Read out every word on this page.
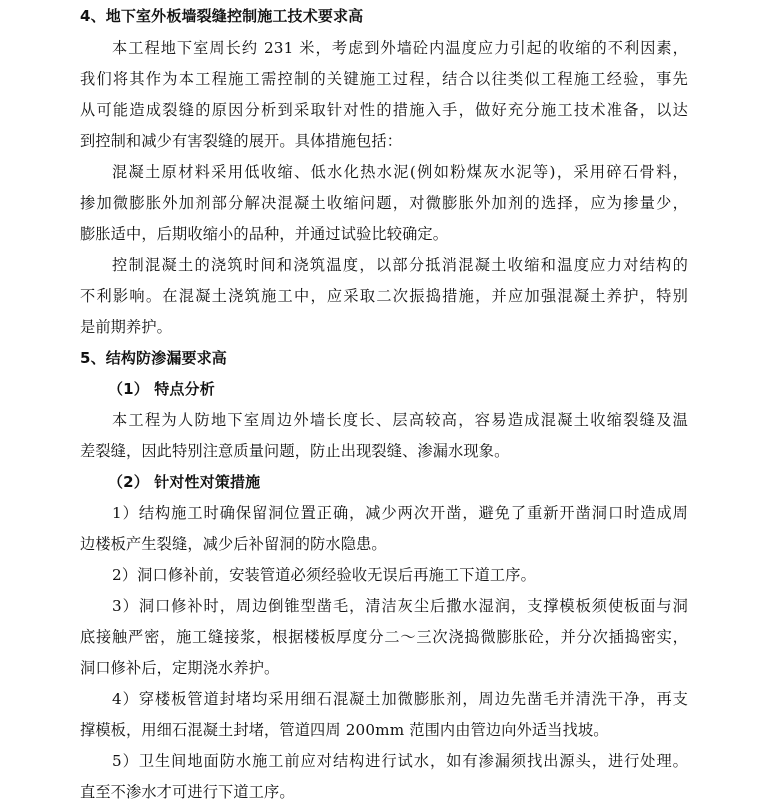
4、地下室外板墙裂缝控制施工技术要求高
本工程地下室周长约 231 米，考虑到外墙砼内温度应力引起的收缩的不利因素，
我们将其作为本工程施工需控制的关键施工过程，结合以往类似工程施工经验，事先
从可能造成裂缝的原因分析到采取针对性的措施入手，做好充分施工技术准备，以达
到控制和减少有害裂缝的展开。具体措施包括：
混凝土原材料采用低收缩、低水化热水泥(例如粉煤灰水泥等)，采用碎石骨料，
掺加微膨胀外加剂部分解决混凝土收缩问题，对微膨胀外加剂的选择，应为掺量少，
膨胀适中，后期收缩小的品种，并通过试验比较确定。
控制混凝土的浇筑时间和浇筑温度，以部分抵消混凝土收缩和温度应力对结构的
不利影响。在混凝土浇筑施工中，应采取二次振捣措施，并应加强混凝土养护，特别
是前期养护。
5、结构防渗漏要求高
（1） 特点分析
本工程为人防地下室周边外墙长度长、层高较高，容易造成混凝土收缩裂缝及温
差裂缝，因此特别注意质量问题，防止出现裂缝、渗漏水现象。
（2） 针对性对策措施
1）结构施工时确保留洞位置正确，减少两次开凿，避免了重新开凿洞口时造成周
边楼板产生裂缝，减少后补留洞的防水隐患。
2）洞口修补前，安装管道必须经验收无误后再施工下道工序。
3）洞口修补时，周边倒锥型凿毛，清洁灰尘后撒水湿润，支撑模板须使板面与洞
底接触严密，施工缝接浆，根据楼板厚度分二～三次浇捣微膨胀砼，并分次插捣密实，
洞口修补后，定期浇水养护。
4）穿楼板管道封堵均采用细石混凝土加微膨胀剂，周边先凿毛并清洗干净，再支
撑模板，用细石混凝土封堵，管道四周 200mm 范围内由管边向外适当找坡。
5）卫生间地面防水施工前应对结构进行试水，如有渗漏须找出源头，进行处理。
直至不渗水才可进行下道工序。
